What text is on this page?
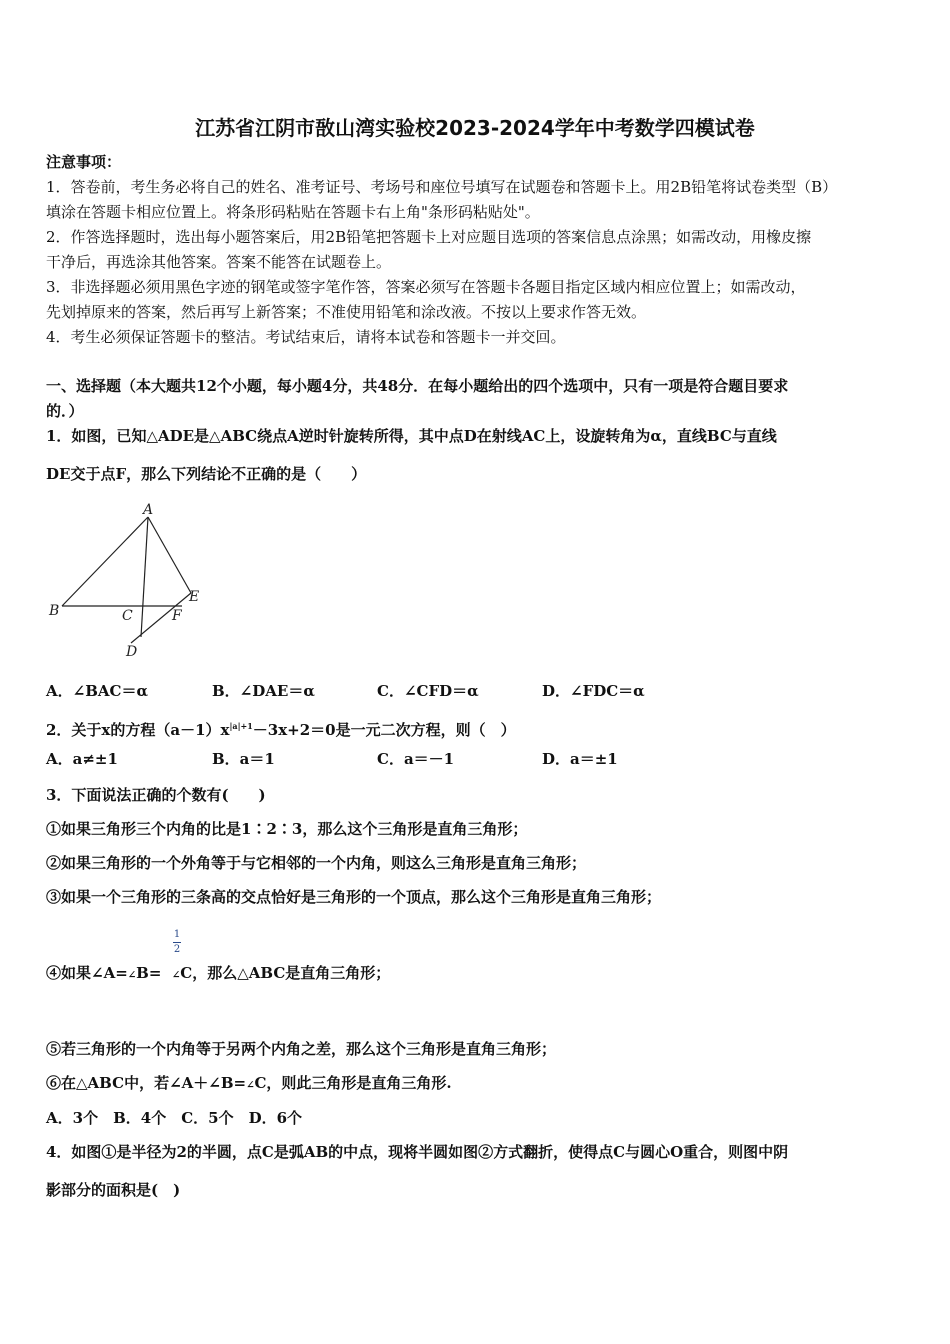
江苏省江阴市敔山湾实验校2023-2024学年中考数学四模试卷
注意事项：
1．答卷前，考生务必将自己的姓名、准考证号、考场号和座位号填写在试题卷和答题卡上。用2B铅笔将试卷类型（B）
填涂在答题卡相应位置上。将条形码粘贴在答题卡右上角"条形码粘贴处"。
2．作答选择题时，选出每小题答案后，用2B铅笔把答题卡上对应题目选项的答案信息点涂黑；如需改动，用橡皮擦
干净后，再选涂其他答案。答案不能答在试题卷上。
3．非选择题必须用黑色字迹的钢笔或签字笔作答，答案必须写在答题卡各题目指定区域内相应位置上；如需改动，
先划掉原来的答案，然后再写上新答案；不准使用铅笔和涂改液。不按以上要求作答无效。
4．考生必须保证答题卡的整洁。考试结束后，请将本试卷和答题卡一并交回。
一、选择题（本大题共12个小题，每小题4分，共48分．在每小题给出的四个选项中，只有一项是符合题目要求
的．）
1．如图，已知△ADE是△ABC绕点A逆时针旋转所得，其中点D在射线AC上，设旋转角为α，直线BC与直线
DE交于点F，那么下列结论不正确的是（　　）
A
B	C
D
E
F
A．∠BAC＝α	B．∠DAE＝α	C．∠CFD＝α	D．∠FDC＝α
2．关于x的方程$(a-1)x^{|a|+1}-3x+2=0$是一元二次方程，则（　）
A．a≠±1	B．a＝1	C．a＝－1	D．a＝±1
3．下面说法正确的个数有(　　)
①如果三角形三个内角的比是1∶2∶3，那么这个三角形是直角三角形；
②如果三角形的一个外角等于与它相邻的一个内角，则这么三角形是直角三角形；
③如果一个三角形的三条高的交点恰好是三角形的一个顶点，那么这个三角形是直角三角形；
1
2
④如果∠A=∠B= ∠C，那么△ABC是直角三角形；
⑤若三角形的一个内角等于另两个内角之差，那么这个三角形是直角三角形；
⑥在△ABC中，若∠A＋∠B=∠C，则此三角形是直角三角形.
A．3个　B．4个　C．5个　D．6个
4．如图①是半径为2的半圆，点C是弧AB的中点，现将半圆如图②方式翻折，使得点C与圆心O重合，则图中阴
影部分的面积是(　)
